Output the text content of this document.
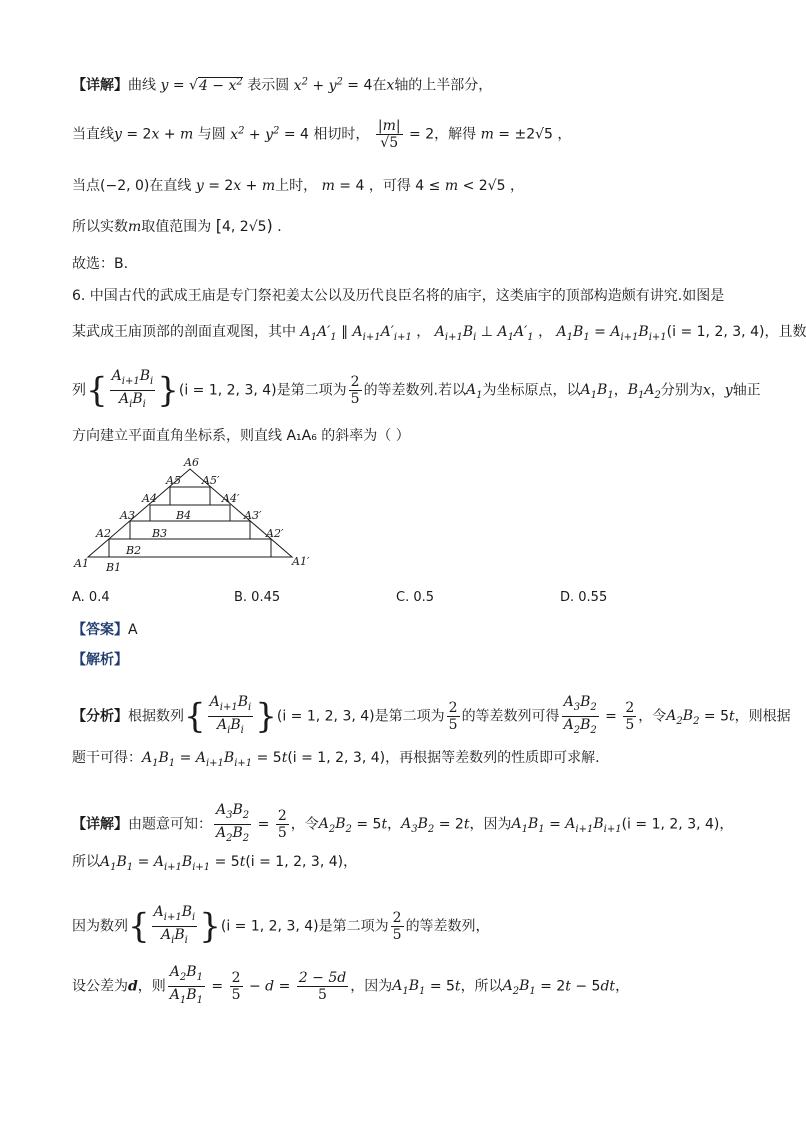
【详解】曲线 $y = √4 - x^2$ 表示圆 $x^2 + y^2 = 4$在x轴的上半部分，
当直线y = 2x + m 与圆 $x^2 + y^2 = 4$ 相切时， $\frac{|m|}{√5} = 2$，解得 m = ±2√5 ，
当点(−2, 0)在直线 y = 2x + m上时， m = 4 ，可得 4 ≤ m < 2√5 ，
所以实数m取值范围为 [4, 2√5) .
故选：B.
6. 中国古代的武成王庙是专门祭祀姜太公以及历代良臣名将的庙宇，这类庙宇的顶部构造颇有讲究.如图是
某武成王庙顶部的剖面直观图，其中 $A_1A'_1$ ∥ $A_{i+1}A'_{i+1}$ ， $A_{i+1}B_i$ ⊥ $A_1A'_1$ ， $A_1B_1 = A_{i+1}B_{i+1}(i = 1$, 2, 3, 4)，且数
列{ $\frac{A_{i+1}B_i}{A_iB_i} \}(i = 1$, 2, 3, 4)是第二项为 $\frac{2}{5}$ 的等差数列.若以$A_1$为坐标原点，以$A_1B_1$，$B_1A_2$分别为x，y轴正
方向建立平面直角坐标系，则直线 A₁A₆ 的斜率为（ ）
A6
A5 A5′
A4	A4′
B4
A3	A3′
B3
A2	A2′
B2
A1 B1	A1′
A. 0.4	B. 0.45	C. 0.5	D. 0.55
【答案】A
【解析】
【分析】根据数列{ $\frac{A_{i+1}B_i}{A_iB_i} \}(i = 1$, 2, 3, 4)是第二项为 $\frac{2}{5}$ 的等差数列可得 $\frac{A_3B_2}{A_2B_2} = \frac{2}{5}$ ，令$A_2B_2 = 5t$，则根据
题干可得：$A_1B_1 = A_{i+1}B_{i+1} = 5t(i = 1$, 2, 3, 4)，再根据等差数列的性质即可求解.
【详解】由题意可知： $\frac{A_3B_2}{A_2B_2} = \frac{2}{5}$ ，令$A_2B_2 = 5t$，$A_3B_2 = 2t$，因为$A_1B_1 = A_{i+1}B_{i+1}(i = 1$, 2, 3, 4)，
所以$A_1B_1 = A_{i+1}B_{i+1} = 5t(i = 1$, 2, 3, 4)，
因为数列{ $\frac{A_{i+1}B_i}{A_iB_i} \}(i = 1$, 2, 3, 4)是第二项为 $\frac{2}{5}$ 的等差数列，
设公差为d，则 $\frac{A_2B_1}{A_1B_1} = \frac{2}{5} - d = \frac{2 - 5d}{5}$ ，因为$A_1B_1 = 5t$，所以$A_2B_1 = 2t - 5dt$，
